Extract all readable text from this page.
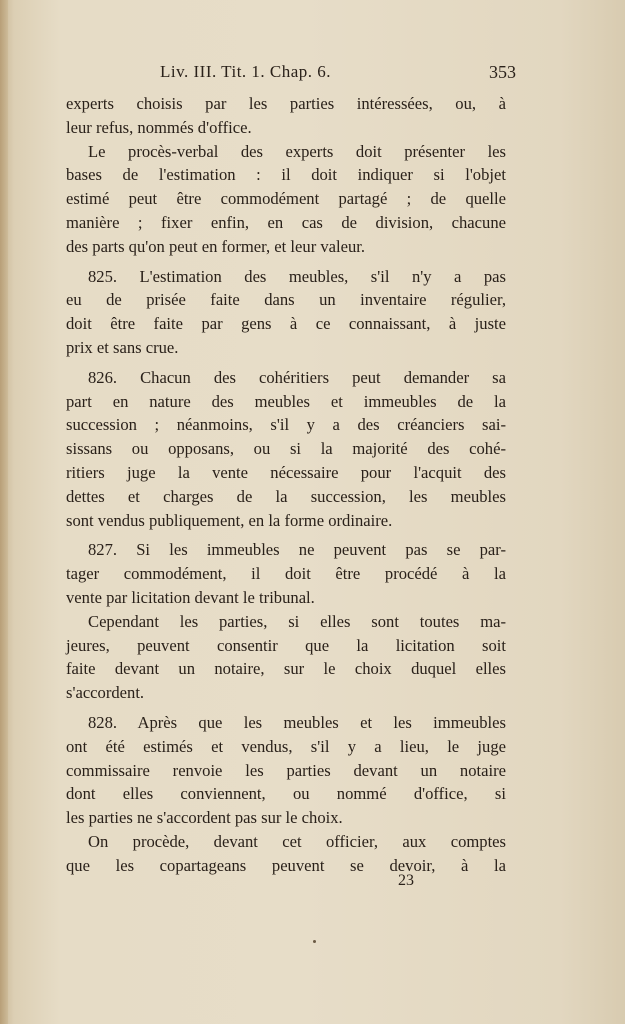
Liv. III. Tit. 1. Chap. 6.	353
experts choisis par les parties intéressées, ou, à
leur refus, nommés d'office.
Le procès-verbal des experts doit présenter les
bases de l'estimation : il doit indiquer si l'objet
estimé peut être commodément partagé ; de quelle
manière ; fixer enfin, en cas de division, chacune
des parts qu'on peut en former, et leur valeur.
825. L'estimation des meubles, s'il n'y a pas
eu de prisée faite dans un inventaire régulier,
doit être faite par gens à ce connaissant, à juste
prix et sans crue.
826. Chacun des cohéritiers peut demander sa
part en nature des meubles et immeubles de la
succession ; néanmoins, s'il y a des créanciers sai-
sissans ou opposans, ou si la majorité des cohé-
ritiers juge la vente nécessaire pour l'acquit des
dettes et charges de la succession, les meubles
sont vendus publiquement, en la forme ordinaire.
827. Si les immeubles ne peuvent pas se par-
tager commodément, il doit être procédé à la
vente par licitation devant le tribunal.
Cependant les parties, si elles sont toutes ma-
jeures, peuvent consentir que la licitation soit
faite devant un notaire, sur le choix duquel elles
s'accordent.
828. Après que les meubles et les immeubles
ont été estimés et vendus, s'il y a lieu, le juge
commissaire renvoie les parties devant un notaire
dont elles conviennent, ou nommé d'office, si
les parties ne s'accordent pas sur le choix.
On procède, devant cet officier, aux comptes
que les copartageans peuvent se devoir, à la
23
